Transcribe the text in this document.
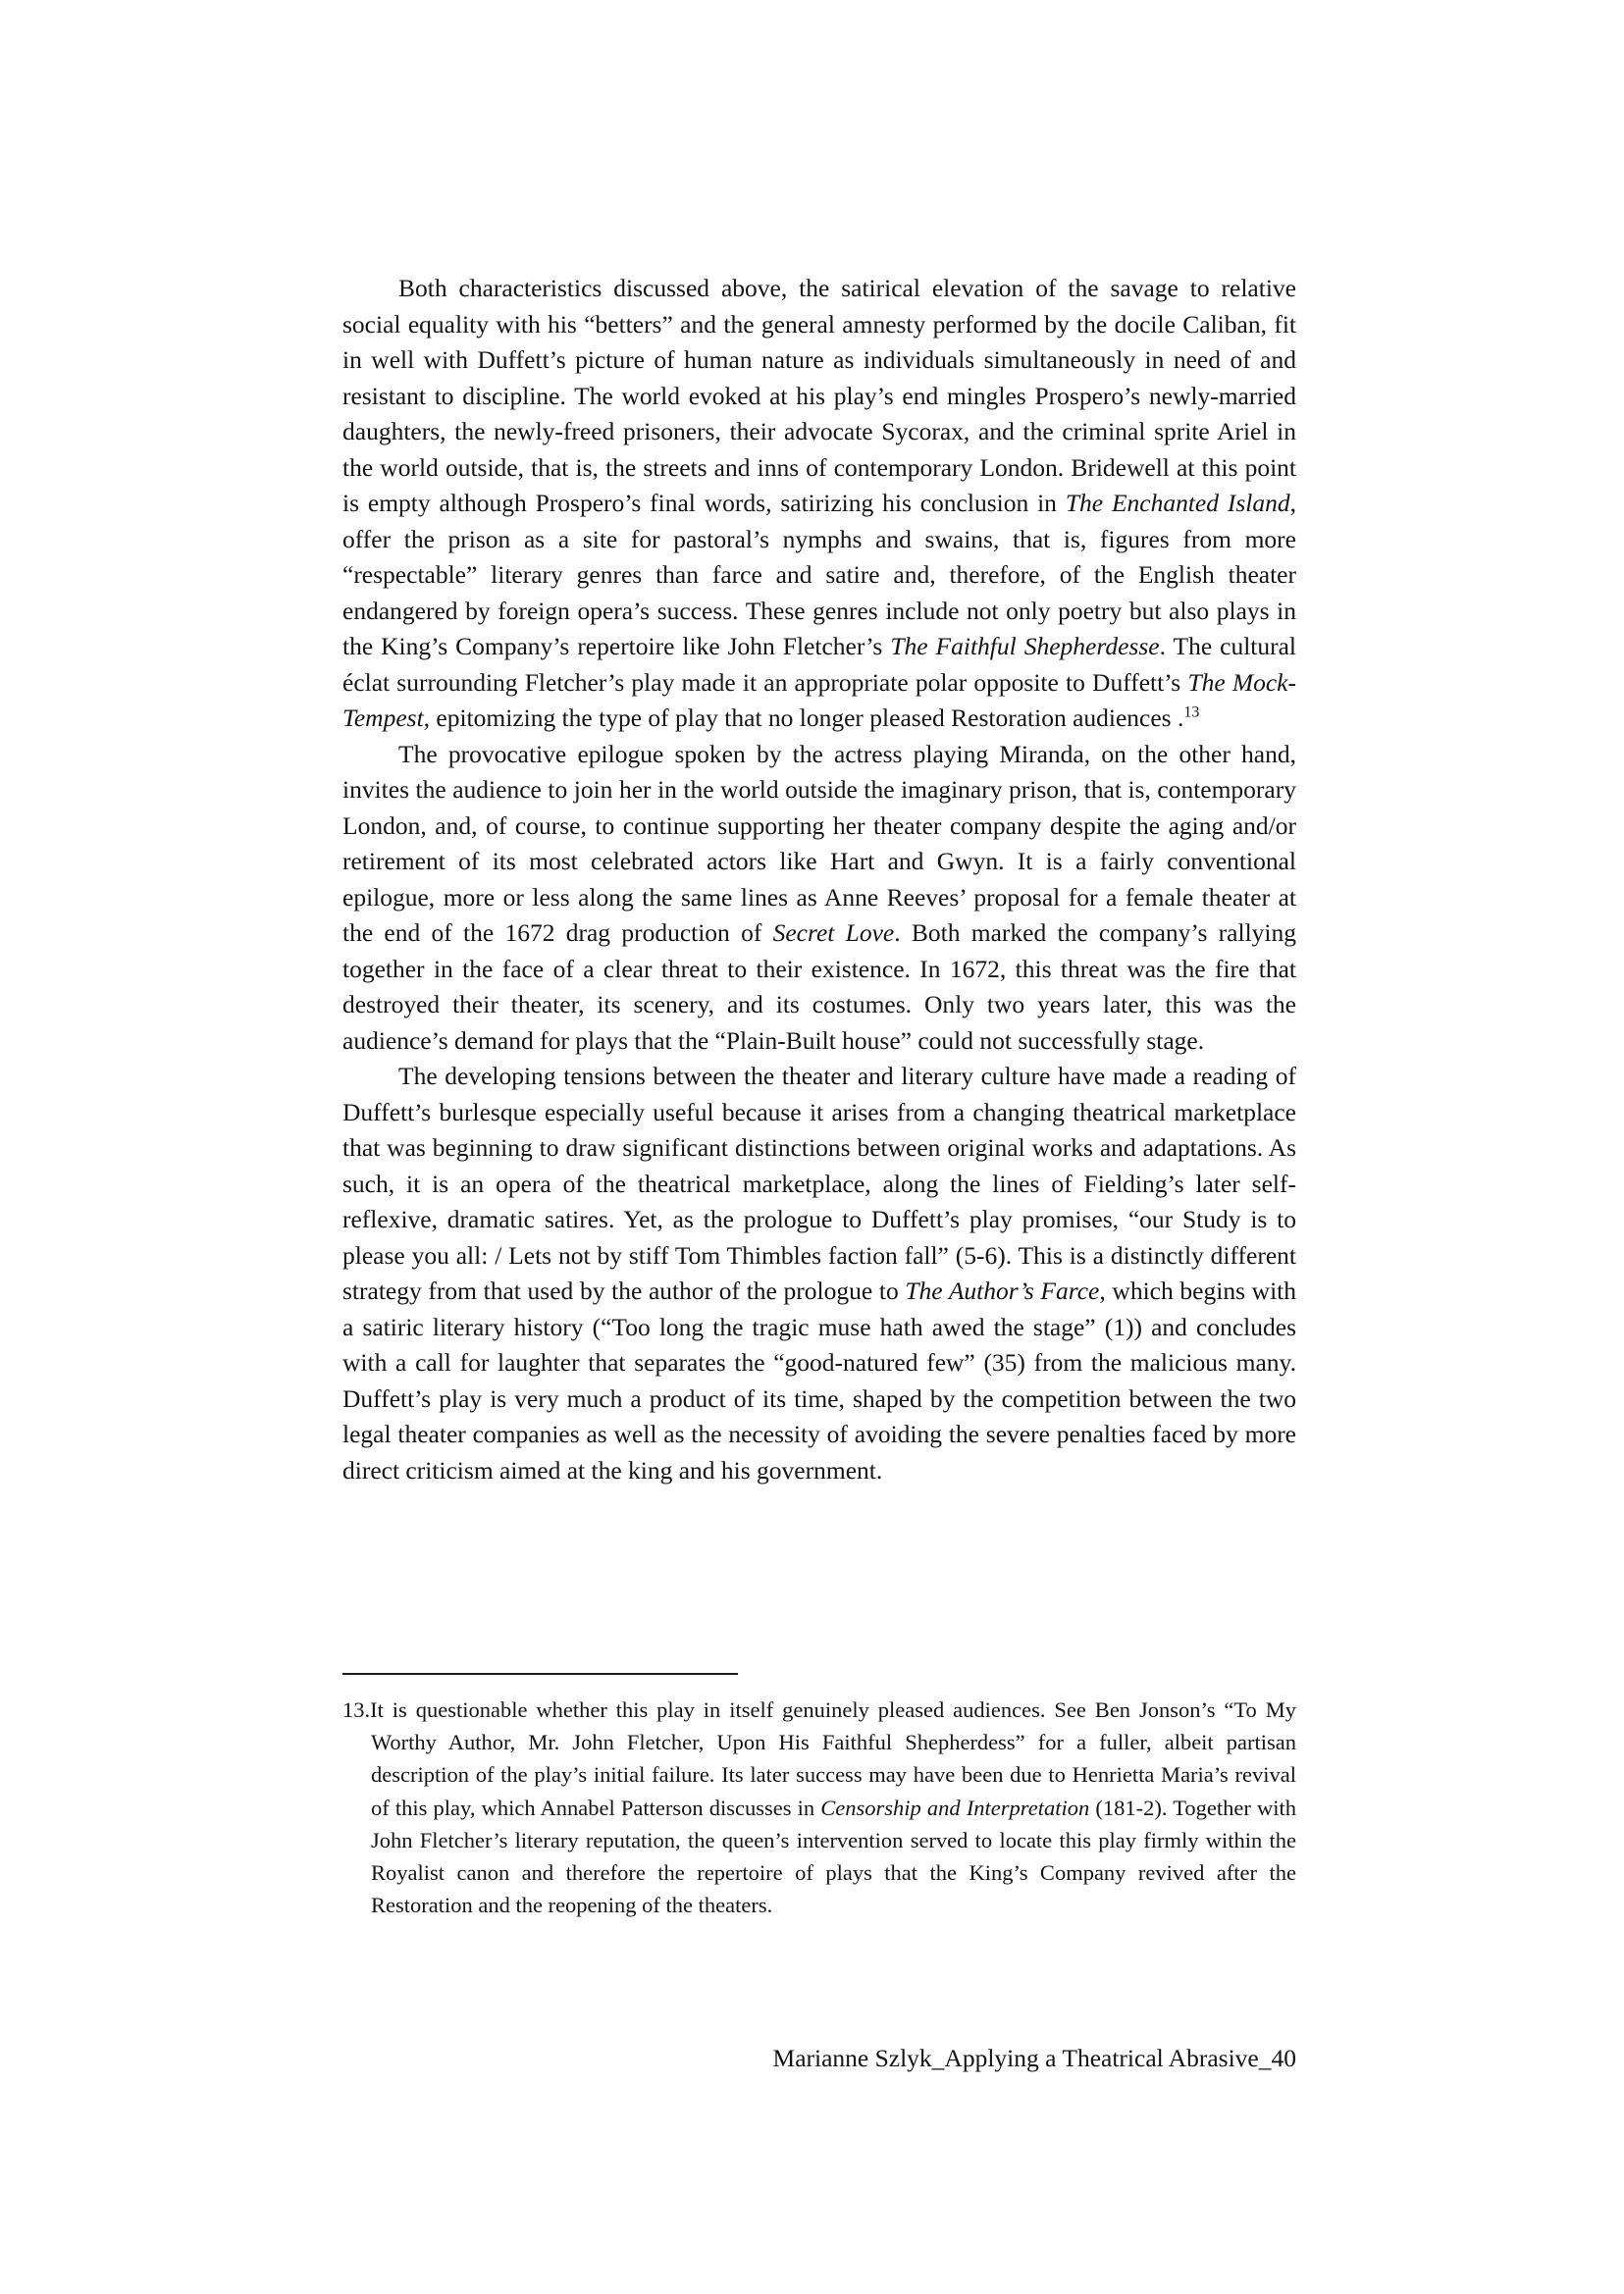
Both characteristics discussed above, the satirical elevation of the savage to relative social equality with his “betters” and the general amnesty performed by the docile Caliban, fit in well with Duffett’s picture of human nature as individuals simultaneously in need of and resistant to discipline. The world evoked at his play’s end mingles Prospero’s newly-married daughters, the newly-freed prisoners, their advocate Sycorax, and the criminal sprite Ariel in the world outside, that is, the streets and inns of contemporary London. Bridewell at this point is empty although Prospero’s final words, satirizing his conclusion in The Enchanted Island, offer the prison as a site for pastoral’s nymphs and swains, that is, figures from more “respectable” literary genres than farce and satire and, therefore, of the English theater endangered by foreign opera’s success. These genres include not only poetry but also plays in the King’s Company’s repertoire like John Fletcher’s The Faithful Shepherdesse. The cultural éclat surrounding Fletcher’s play made it an appropriate polar opposite to Duffett’s The Mock-Tempest, epitomizing the type of play that no longer pleased Restoration audiences .$^{13}$

The provocative epilogue spoken by the actress playing Miranda, on the other hand, invites the audience to join her in the world outside the imaginary prison, that is, contemporary London, and, of course, to continue supporting her theater company despite the aging and/or retirement of its most celebrated actors like Hart and Gwyn. It is a fairly conventional epilogue, more or less along the same lines as Anne Reeves’ proposal for a female theater at the end of the 1672 drag production of Secret Love. Both marked the company’s rallying together in the face of a clear threat to their existence. In 1672, this threat was the fire that destroyed their theater, its scenery, and its costumes. Only two years later, this was the audience’s demand for plays that the “Plain-Built house” could not successfully stage.

The developing tensions between the theater and literary culture have made a reading of Duffett’s burlesque especially useful because it arises from a changing theatrical marketplace that was beginning to draw significant distinctions between original works and adaptations. As such, it is an opera of the theatrical marketplace, along the lines of Fielding’s later self-reflexive, dramatic satires. Yet, as the prologue to Duffett’s play promises, “our Study is to please you all: / Lets not by stiff Tom Thimbles faction fall” (5-6). This is a distinctly different strategy from that used by the author of the prologue to The Author’s Farce, which begins with a satiric literary history (“Too long the tragic muse hath awed the stage” (1)) and concludes with a call for laughter that separates the “good-natured few” (35) from the malicious many. Duffett’s play is very much a product of its time, shaped by the competition between the two legal theater companies as well as the necessity of avoiding the severe penalties faced by more direct criticism aimed at the king and his government.

13.It is questionable whether this play in itself genuinely pleased audiences. See Ben Jonson’s “To My Worthy Author, Mr. John Fletcher, Upon His Faithful Shepherdess” for a fuller, albeit partisan description of the play’s initial failure. Its later success may have been due to Henrietta Maria’s revival of this play, which Annabel Patterson discusses in Censorship and Interpretation (181-2). Together with John Fletcher’s literary reputation, the queen’s intervention served to locate this play firmly within the Royalist canon and therefore the repertoire of plays that the King’s Company revived after the Restoration and the reopening of the theaters.
Marianne Szlyk_Applying a Theatrical Abrasive_40
